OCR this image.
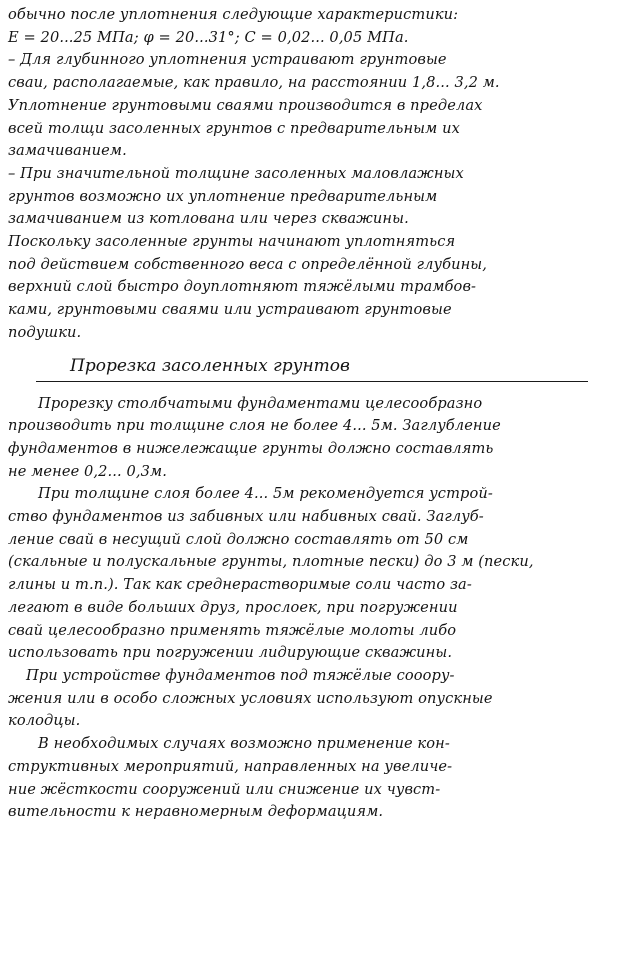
обычно после уплотнения следующие характеристики:
E = 20...25 МПа; φ = 20...31°; С = 0,02... 0,05 МПа.
– Для глубинного уплотнения устраивают грунтовые
сваи, располагаемые, как правило, на расстоянии 1,8... 3,2 м.
Уплотнение грунтовыми сваями производится в пределах
всей толщи засоленных грунтов с предварительным их
замачиванием.
– При значительной толщине засоленных маловлажных
грунтов возможно их уплотнение предварительным
замачиванием из котлована или через скважины.
Поскольку засоленные грунты начинают уплотняться
под действием собственного веса с определённой глубины,
верхний слой быстро доуплотняют тяжёлыми трамбов-
ками, грунтовыми сваями или устраивают грунтовые
подушки.
Прорезка засоленных грунтов
Прорезку столбчатыми фундаментами целесообразно
производить при толщине слоя не более 4... 5м. Заглубление
фундаментов в нижележащие грунты должно составлять
не менее 0,2... 0,3м.
При толщине слоя более 4... 5м рекомендуется устрой-
ство фундаментов из забивных или набивных свай. Заглуб-
ление свай в несущий слой должно составлять от 50 см
(скальные и полускальные грунты, плотные пески) до 3 м (пески,
глины и т.п.). Так как среднерастворимые соли часто за-
легают в виде больших друз, прослоек, при погружении
свай целесообразно применять тяжёлые молоты либо
использовать при погружении лидирующие скважины.
При устройстве фундаментов под тяжёлые сооору-
жения или в особо сложных условиях используют опускные
колодцы.
В необходимых случаях возможно применение кон-
структивных мероприятий, направленных на увеличе-
ние жёсткости сооружений или снижение их чувст-
вительности к неравномерным деформациям.
